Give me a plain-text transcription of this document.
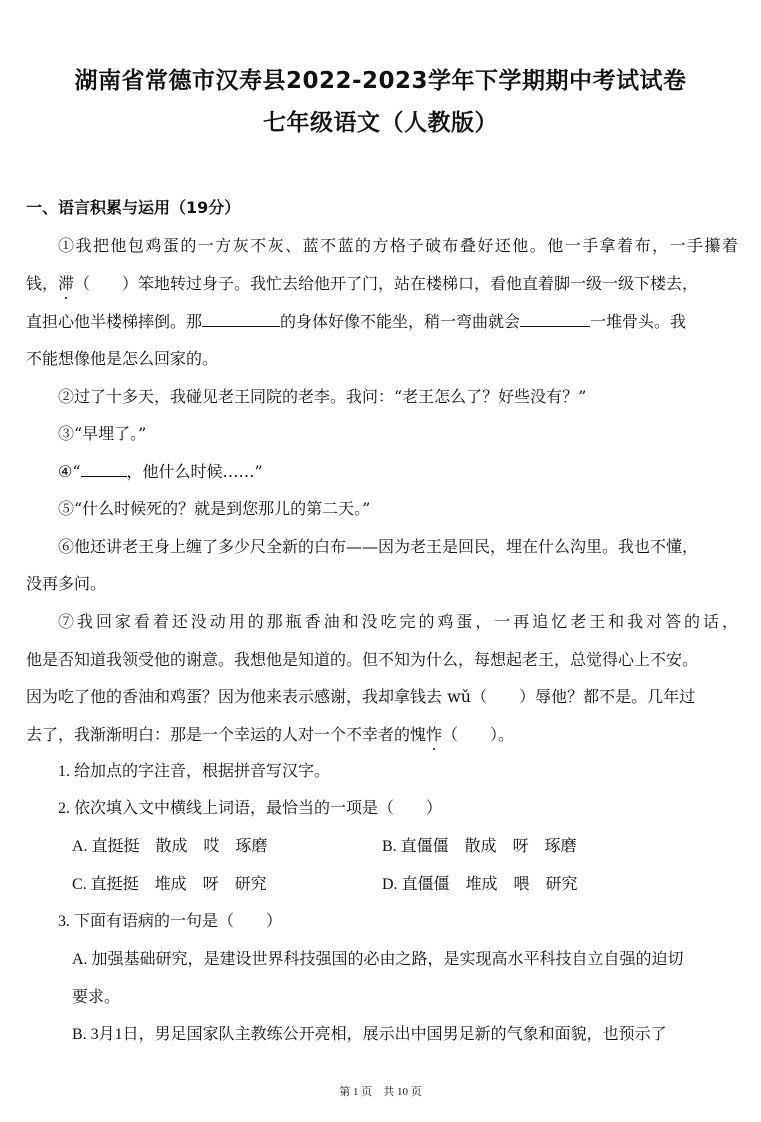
湖南省常德市汉寿县2022-2023学年下学期期中考试试卷
七年级语文（人教版）
一、语言积累与运用（19分）
①我把他包鸡蛋的一方灰不灰、蓝不蓝的方格子破布叠好还他。他一手拿着布，一手攥着
钱，滞（　　）笨地转过身子。我忙去给他开了门，站在楼梯口，看他直着脚一级一级下楼去，
直担心他半楼梯摔倒。那	的身体好像不能坐，稍一弯曲就会	一堆骨头。我
不能想像他是怎么回家的。
②过了十多天，我碰见老王同院的老李。我问：“老王怎么了？好些没有？”
③“早埋了。”
④“	，他什么时候……”
⑤“什么时候死的？就是到您那儿的第二天。”
⑥他还讲老王身上缠了多少尺全新的白布——因为老王是回民，埋在什么沟里。我也不懂，
没再多问。
⑦我回家看着还没动用的那瓶香油和没吃完的鸡蛋，一再追忆老王和我对答的话，
他是否知道我领受他的谢意。我想他是知道的。但不知为什么，每想起老王，总觉得心上不安。
因为吃了他的香油和鸡蛋？因为他来表示感谢，我却拿钱去 wǔ（　　）辱他？都不是。几年过
去了，我渐渐明白：那是一个幸运的人对一个不幸者的愧怍（　　）。
1. 给加点的字注音，根据拼音写汉字。
2. 依次填入文中横线上词语，最恰当的一项是（　　）
A. 直挺挺　散成　哎　琢磨	B. 直僵僵　散成　呀　琢磨
C. 直挺挺　堆成　呀　研究	D. 直僵僵　堆成　喂　研究
3. 下面有语病的一句是（　　）
A. 加强基础研究，是建设世界科技强国的必由之路，是实现高水平科技自立自强的迫切
要求。
B. 3月1日，男足国家队主教练公开亮相，展示出中国男足新的气象和面貌，也预示了
第 1 页　共 10 页
